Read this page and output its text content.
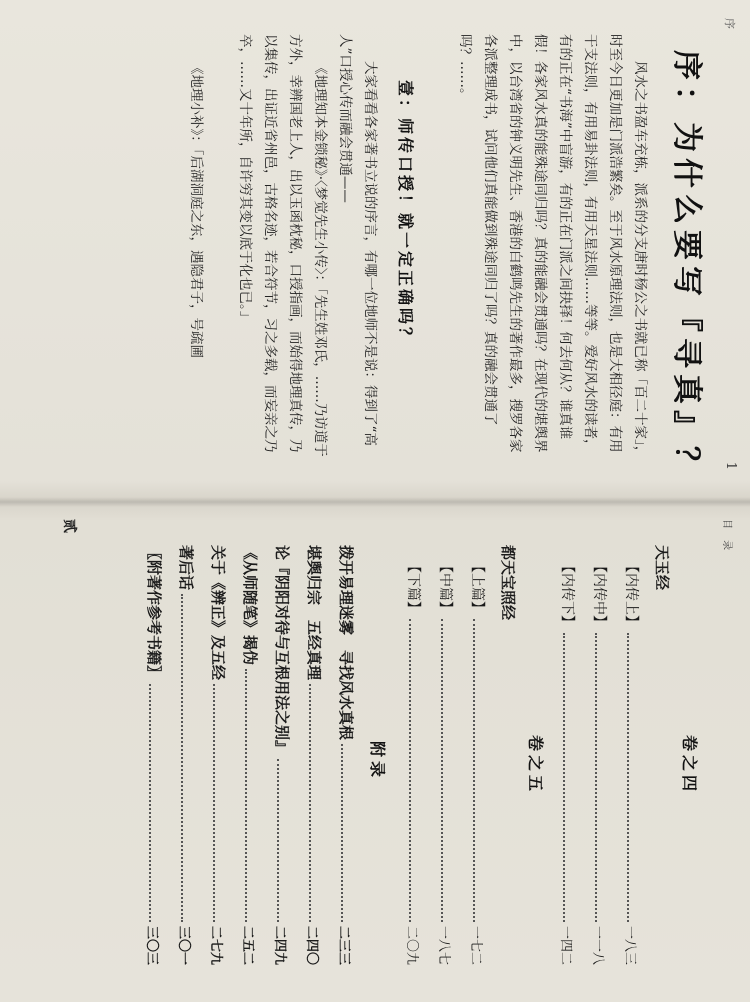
序
1
序：为什么要写『寻真』？
风水之书盈车充栋，派系的分支唐时杨公之书就已称「百二十家」，时至今日更加是门派浩繁矣。至于风水原理法则，也是大相径庭：有用干支法则，有用易卦法则，有用天星法则……等等。爱好风水的读者，有的正在“书海”中盲游，有的正在门派之间抉择！何去何从？谁真谁假！各家风水真的能殊途同归吗？真的能融会贯通吗？在现代的堪舆界中，以台湾省的钟义明先生、香港的白鹤鸣先生的著作最多，搜罗各家各派整理成书，试问他们真能做到殊途同归了吗？真的融会贯通了吗？……。
壹：师传口授！就一定正确吗？
大家看看各家著书立说的序言，有哪一位地师不是说：得到了“高人”口授心传而融会贯通——
《地理知本金锁秘》·〈梦觉先生小传〉：「先生姓邓氏，……乃访道于方外，幸辨国老上人，出以玉函枕秘，口授指画，而始得地理真传，乃以集传，出证近省州邑，古格名迹，若合符节，习之多载，而妄亲之乃卒，……又十年所，自许穷其变以底于化也已。」
《地理小补》：「后湖洞庭之东，遇隐君子，号疏圃
目 录
贰
卷之四
天玉经
【内传上】
一八三
【内传中】
一一八
【内传下】
一四二
卷之五
都天宝照经
【上篇】
一七二
【中篇】
一八七
【下篇】
二〇九
附录
拨开易理迷雾　寻找风水真根
二三三
堪舆归宗　五经真理
二四〇
论『阴阳对待与互根用法之别』
二四九
《从师随笔》揭伪
二五二
关于《辨正》及五经
二七九
著后话
三〇一
〖附著作参考书籍〗
三〇三
